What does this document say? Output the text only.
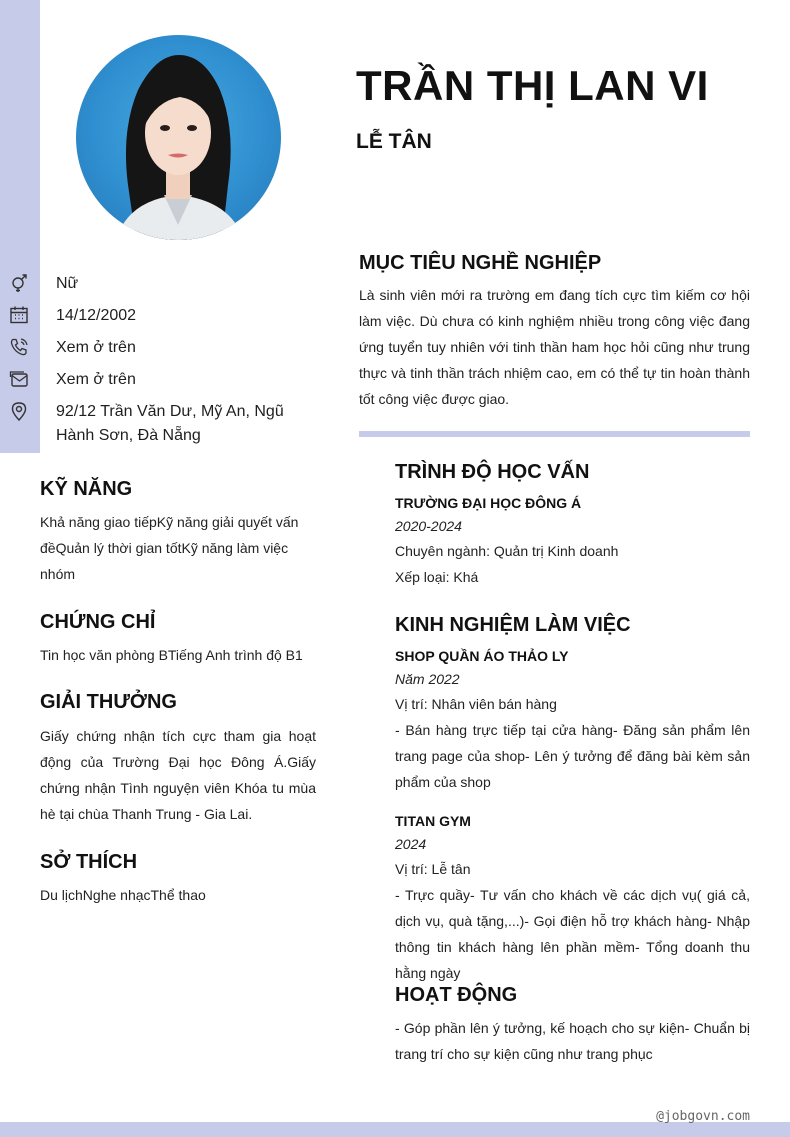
TRẦN THỊ LAN VI
LỄ TÂN
Nữ
14/12/2002
Xem ở trên
Xem ở trên
92/12 Trần Văn Dư, Mỹ An, Ngũ Hành Sơn, Đà Nẵng
KỸ NĂNG

Khả năng giao tiếpKỹ năng giải quyết vấn đềQuản lý thời gian tốtKỹ năng làm việc nhóm

CHỨNG CHỈ

Tin học văn phòng BTiếng Anh trình độ B1

GIẢI THƯỞNG

Giấy chứng nhận tích cực tham gia hoạt động của Trường Đại học Đông Á.Giấy chứng nhận Tình nguyện viên Khóa tu mùa hè tại chùa Thanh Trung - Gia Lai.

SỞ THÍCH

Du lịchNghe nhạcThể thao

MỤC TIÊU NGHỀ NGHIỆP

Là sinh viên mới ra trường em đang tích cực tìm kiếm cơ hội làm việc. Dù chưa có kinh nghiệm nhiều trong công việc đang ứng tuyển tuy nhiên với tinh thần ham học hỏi cũng như trung thực và tinh thần trách nhiệm cao, em có thể tự tin hoàn thành tốt công việc được giao.

TRÌNH ĐỘ HỌC VẤN

TRƯỜNG ĐẠI HỌC ĐÔNG Á

2020-2024

Chuyên ngành: Quản trị Kinh doanh

Xếp loại: Khá

KINH NGHIỆM LÀM VIỆC

SHOP QUẦN ÁO THẢO LY

Năm 2022

Vị trí: Nhân viên bán hàng

- Bán hàng trực tiếp tại cửa hàng- Đăng sản phẩm lên trang page của shop- Lên ý tưởng để đăng bài kèm sản phẩm của shop

TITAN GYM

2024

Vị trí: Lễ tân

- Trực quầy- Tư vấn cho khách về các dịch vụ( giá cả, dịch vụ, quà tặng,...)- Gọi điện hỗ trợ khách hàng- Nhập thông tin khách hàng lên phần mềm- Tổng doanh thu hằng ngày

HOẠT ĐỘNG

- Góp phần lên ý tưởng, kế hoạch cho sự kiện- Chuẩn bị trang trí cho sự kiện cũng như trang phục

@jobgovn.com
